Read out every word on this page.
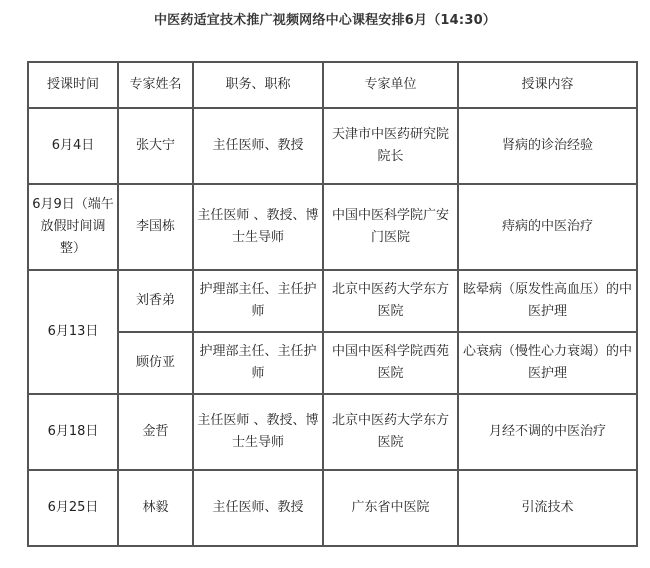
中医药适宜技术推广视频网络中心课程安排6月（14:30）
授课时间	专家姓名	职务、职称	专家单位	授课内容
6月4日	张大宁	主任医师、教授	天津市中医药研究院院长	肾病的诊治经验
6月9日（端午放假时间调整）	李国栋	主任医师 、教授、博士生导师	中国中医科学院广安门医院	痔病的中医治疗
6月13日	刘香弟	护理部主任、主任护师	北京中医药大学东方医院	眩晕病（原发性高血压）的中医护理
	顾仿亚	护理部主任、主任护师	中国中医科学院西苑医院	心衰病（慢性心力衰竭）的中医护理
6月18日	金哲	主任医师 、教授、博士生导师	北京中医药大学东方医院	月经不调的中医治疗
6月25日	林毅	主任医师、教授	广东省中医院	引流技术
